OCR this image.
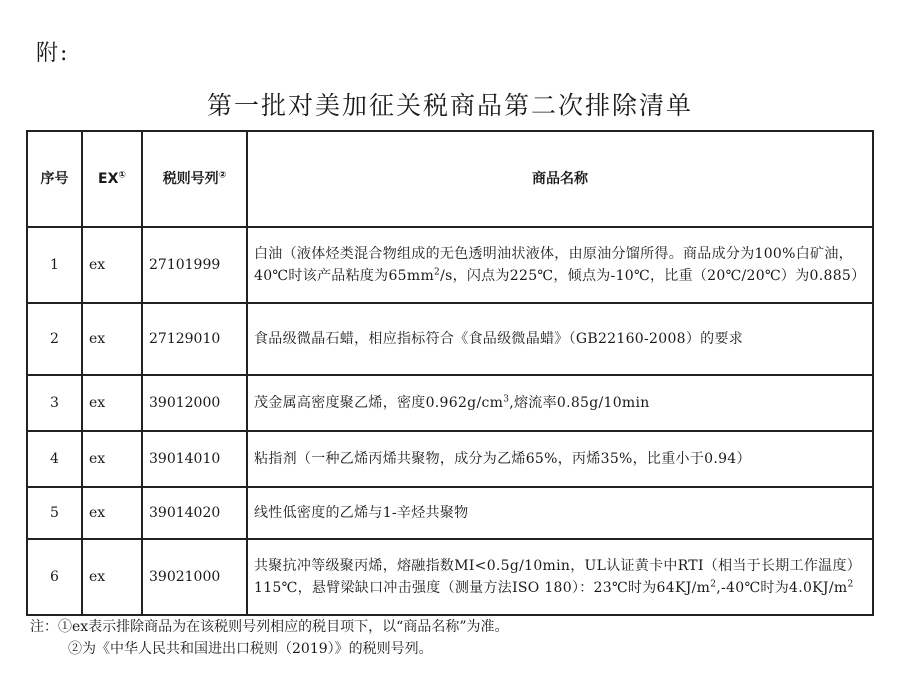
附:
第一批对美加征关税商品第二次排除清单
序号	EX①	税则号列②	商品名称
1	ex	27101999	白油（液体烃类混合物组成的无色透明油状液体，由原油分馏所得。商品成分为100%白矿油，40℃时该产品粘度为$65mm^2/s$，闪点为225℃，倾点为-10℃，比重（20℃/20℃）为0.885）
2	ex	27129010	食品级微晶石蜡，相应指标符合《食品级微晶蜡》（GB22160-2008）的要求
3	ex	39012000	茂金属高密度聚乙烯，密度$0.962g/cm^3$,熔流率0.85g/10min
4	ex	39014010	粘指剂（一种乙烯丙烯共聚物，成分为乙烯65%，丙烯35%，比重小于0.94）
5	ex	39014020	线性低密度的乙烯与1-辛烃共聚物
6	ex	39021000	共聚抗冲等级聚丙烯，熔融指数MI<0.5g/10min，UL认证黄卡中RTI（相当于长期工作温度）115℃，悬臂梁缺口冲击强度（测量方法ISO 180）：23℃时为$64KJ/m^2,-40℃$时为$4.0KJ/m^2$
注：①ex表示排除商品为在该税则号列相应的税目项下，以“商品名称”为准。
②为《中华人民共和国进出口税则（2019）》的税则号列。
